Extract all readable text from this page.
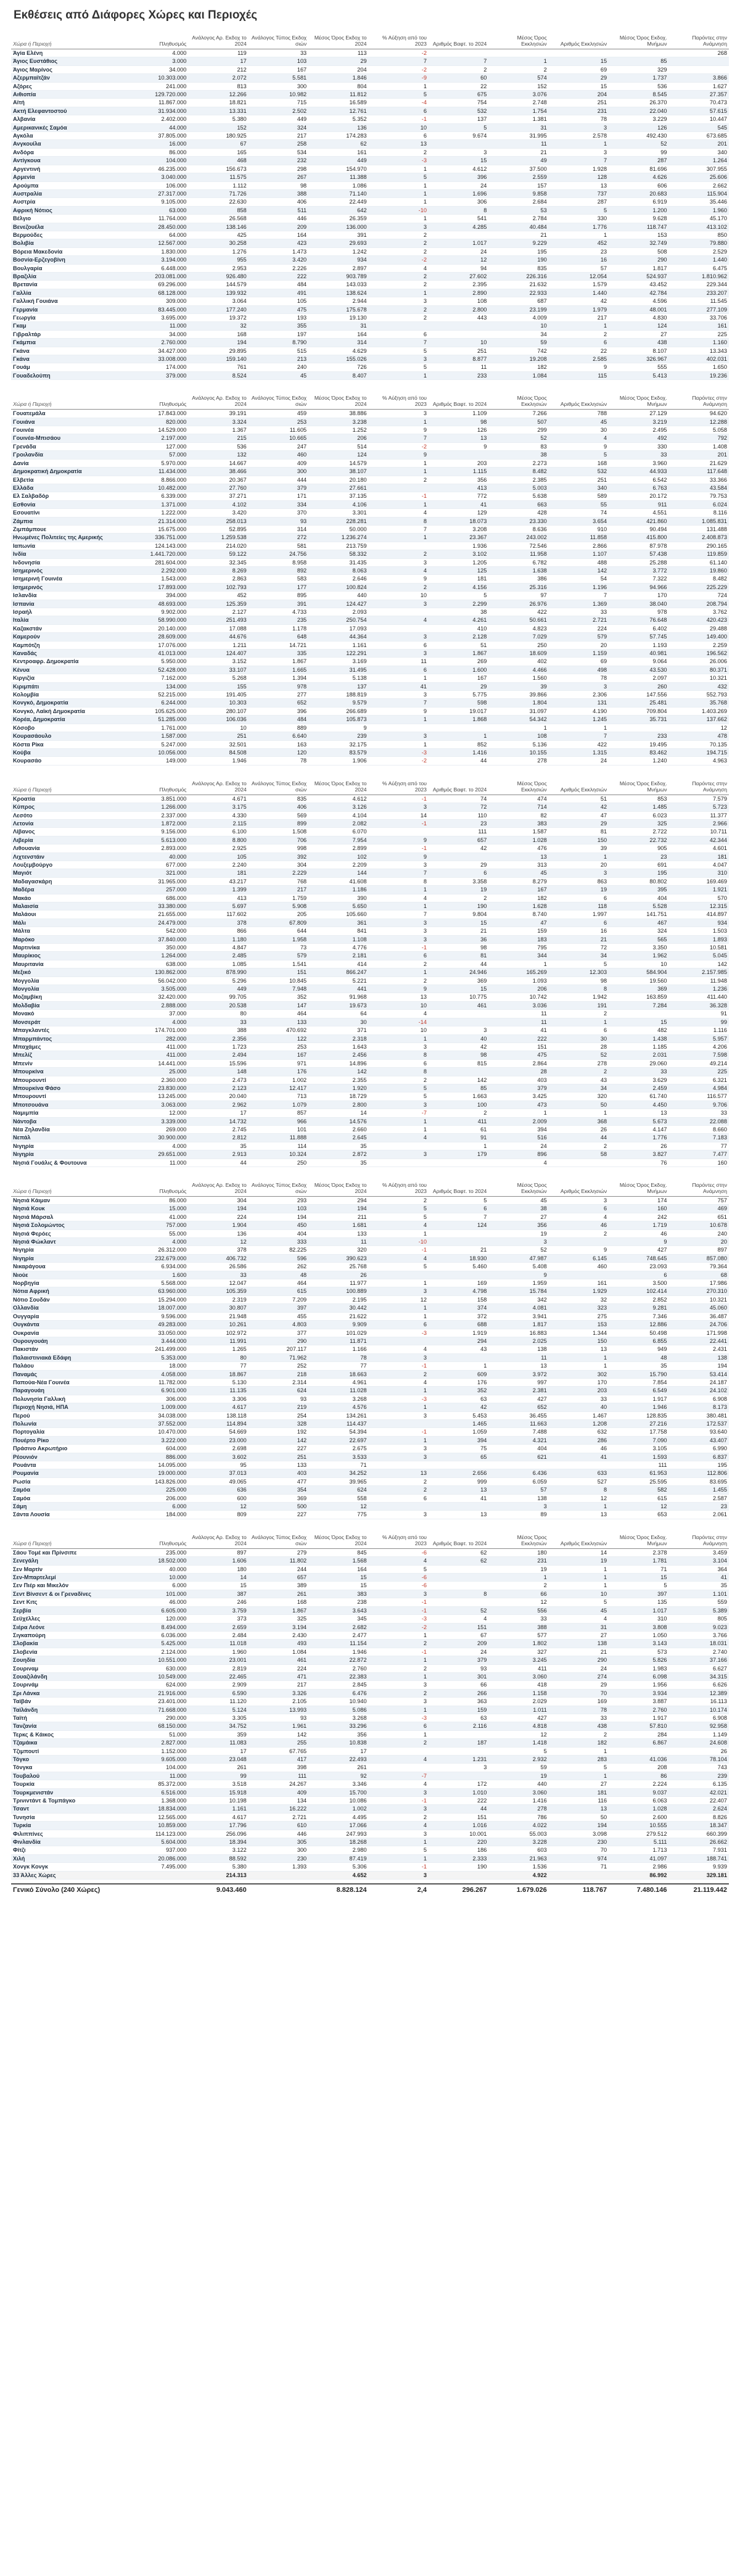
Εκθέσεις από Διάφορες Χώρες και Περιοχές
Χώρα ή Περιοχή	Πληθυσμός	Ανάλογος Αρ. Εκδοχ το 2024	Ανάλογος Τύπος Εκδοχ σιών	Μέσος Όρος Εκδοχ το 2024	% Αύξηση από του 2023	Αριθμός Βαφτ. το 2024	Μέσος Όρος Εκκλησιών	Αριθμός Εκκλησιών	Μέσος Όρος Εκδοχ. Μνήμων	Παρόντες στην Ανάμνηση
Άγία Ελένη	4.000	119	33	113	-2					268
Άγιος Ευστάθιος	3.000	17	103	29	7	7	1	15	85	
Άγιος Μαρίνος	34.000	212	167	204	-2	2	2	69	329	
Αζερμπαϊτζάν	10.303.000	2.072	5.581	1.846	-9	60	574	29	1.737	3.866
Αζόρες	241.000	813	300	804	1	22	152	15	536	1.627
Αιθιοπία	129.720.000	12.266	10.982	11.812	5	675	3.076	204	8.545	27.357
Αϊτή	11.867.000	18.821	715	16.589	-4	754	2.748	251	26.370	70.473
Ακτή Ελεφαντοστού	31.934.000	13.331	2.502	12.761	6	532	1.754	231	22.040	57.615
Αλβανία	2.402.000	5.380	449	5.352	-1	137	1.381	78	3.229	10.447
Αμερικανικές Σαμόα	44.000	152	324	136	10	5	31	3	126	545
Αγκόλα	37.805.000	180.925	217	174.283	6	9.674	31.995	2.578	492.430	673.685
Ανγκουίλα	16.000	67	258	62	13		11	1	52	201
Ανδόρα	86.000	165	534	161	2	3	21	3	99	340
Αντίγκουα	104.000	468	232	449	-3	15	49	7	287	1.264
Αργεντινή	46.235.000	156.673	298	154.970	1	4.612	37.500	1.928	81.696	307.955
Αρμενία	3.040.000	11.575	267	11.388	5	396	2.559	128	4.626	25.606
Αρούμπα	106.000	1.112	98	1.086	1	24	157	13	606	2.662
Αυστραλία	27.317.000	71.726	388	71.140	1	1.696	9.858	737	20.683	115.904
Αυστρία	9.105.000	22.630	406	22.449	1	306	2.684	287	6.919	35.446
Αφρική Νότιος	63.000	858	511	642	-10	8	53	5	1.200	1.960
Βέλγιο	11.764.000	26.568	446	26.359	1	541	2.784	330	9.628	45.170
Βενεζουέλα	28.450.000	138.146	209	136.000	3	4.285	40.484	1.776	118.747	413.102
Βερμούδες	64.000	425	164	391	2		21	1	153	850
Βολιβία	12.567.000	30.258	423	29.693	2	1.017	9.229	452	32.749	79.880
Βόρεια Μακεδονία	1.830.000	1.276	1.473	1.242	2	24	195	23	508	2.529
Βοσνία-Ερζεγοβίνη	3.194.000	955	3.420	934	-2	12	190	16	290	1.440
Βουλγαρία	6.448.000	2.953	2.226	2.897	4	94	835	57	1.817	6.475
Βραζιλία	203.081.000	926.480	222	903.789	2	27.602	226.316	12.054	524.937	1.810.962
Βρετανία	69.296.000	144.579	484	143.033	2	2.395	21.632	1.579	43.452	229.344
Γαλλία	68.128.000	139.932	491	138.624	1	2.890	22.933	1.440	42.784	233.207
Γαλλική Γουιάνα	309.000	3.064	105	2.944	3	108	687	42	4.596	11.545
Γερμανία	83.445.000	177.240	475	175.678	2	2.800	23.199	1.979	48.001	277.109
Γεωργία	3.695.000	19.372	193	19.130	2	443	4.009	217	4.830	33.706
Γκαμ	11.000	32	355	31			10	1	124	161
Γιβραλτάρ	34.000	168	197	164	6		34	2	27	225
Γκάμπια	2.760.000	194	8.790	314	7	10	59	6	438	1.160
Γκάνα	34.427.000	29.895	515	4.629	5	251	742	22	8.107	13.343
Γκάνα	33.008.000	159.140	213	155.026	3	8.877	19.208	2.585	326.967	402.031
Γουάμ	174.000	761	240	726	5	11	182	9	555	1.650
Γουαδελούπη	379.000	8.524	45	8.407	1	233	1.084	115	5.413	19.236
Χώρα ή Περιοχή	Πληθυσμός	Ανάλογος Αρ. Εκδοχ το 2024	Ανάλογος Τύπος Εκδοχ σιών	Μέσος Όρος Εκδοχ το 2024	% Αύξηση από του 2023	Αριθμός Βαφτ. το 2024	Μέσος Όρος Εκκλησιών	Αριθμός Εκκλησιών	Μέσος Όρος Εκδοχ. Μνήμων	Παρόντες στην Ανάμνηση
Γουατεμάλα	17.843.000	39.191	459	38.886	3	1.109	7.266	788	27.129	94.620
Γουιάνα	820.000	3.324	253	3.238	1	98	507	45	3.219	12.288
Γουινέα	14.529.000	1.367	11.605	1.252	9	126	299	30	2.495	5.058
Γουινέα-Μπισάου	2.197.000	215	10.665	206	7	13	52	4	492	792
Γρενάδα	127.000	536	247	514	-2	9	83	9	330	1.408
Γροιλανδία	57.000	132	460	124	9		38	5	33	201
Δανία	5.970.000	14.667	409	14.579	1	203	2.273	168	3.960	21.629
Δημοκρατική Δημοκρατία	11.434.000	38.466	300	38.107	1	1.115	8.482	532	44.933	117.648
Ελβετία	8.866.000	20.367	444	20.180	2	356	2.385	251	6.542	33.366
Ελλάδα	10.482.000	27.760	379	27.661		413	5.003	340	6.763	43.584
Ελ Σαλβαδόρ	6.339.000	37.271	171	37.135	-1	772	5.638	589	20.172	79.753
Εσθονία	1.371.000	4.102	334	4.106	1	41	663	55	911	6.024
Εσουατίνι	1.222.000	3.420	370	3.301	4	129	428	74	4.551	8.116
Ζάμπια	21.314.000	258.013	93	228.281	8	18.073	23.330	3.654	421.860	1.085.831
Ζιμπάμπουε	15.675.000	52.895	314	50.000	7	3.208	8.636	910	90.494	131.488
Ηνωμένες Πολιτείες της Αμερικής	336.751.000	1.259.538	272	1.236.274	1	23.367	243.002	11.858	415.800	2.408.873
Ιαπωνία	124.143.000	214.020	581	213.759		1.936	72.546	2.866	87.978	290.165
Ινδία	1.441.720.000	59.122	24.756	58.332	2	3.102	11.958	1.107	57.438	119.859
Ινδονησία	281.604.000	32.345	8.958	31.435	3	1.205	6.782	488	25.288	61.140
Ισημερινός	2.292.000	8.269	892	8.063	4	125	1.638	142	3.772	19.860
Ισημερινή Γουινέα	1.543.000	2.863	583	2.646	9	181	386	54	7.322	8.482
Ισημερινός	17.893.000	102.793	177	100.824	2	4.156	25.316	1.196	94.966	225.229
Ισλανδία	394.000	452	895	440	10	5	97	7	170	724
Ισπανία	48.693.000	125.359	391	124.427	3	2.299	26.976	1.369	38.040	208.794
Ισραήλ	9.902.000	2.127	4.733	2.093		38	422	33	978	3.762
Ιταλία	58.990.000	251.493	235	250.754	4	4.261	50.661	2.721	76.648	420.423
Καζακστάν	20.140.000	17.088	1.178	17.093		410	4.823	224	6.402	29.488
Καμερούν	28.609.000	44.676	648	44.364	3	2.128	7.029	579	57.745	149.400
Καμπότζη	17.076.000	1.211	14.721	1.161	6	51	250	20	1.193	2.259
Καναδάς	41.013.000	124.407	335	122.291	3	1.867	18.609	1.159	40.981	196.562
Κεντροαφρ. Δημοκρατία	5.950.000	3.152	1.867	3.169	11	269	402	69	9.064	26.006
Κένυα	52.428.000	33.107	1.665	31.495	6	1.600	4.466	498	43.530	80.371
Κιργιζία	7.162.000	5.268	1.394	5.138	1	167	1.560	78	2.097	10.321
Κιριμπάτι	134.000	155	978	137	41	29	39	3	260	432
Κολομβία	52.215.000	191.405	277	188.819	3	5.775	39.866	2.306	147.556	552.793
Κονγκό, Δημοκρατία	6.244.000	10.303	652	9.579	7	598	1.804	131	25.481	35.768
Κονγκό, Λαϊκή Δημοκρατία	105.625.000	280.107	396	266.689	9	19.017	31.097	4.190	709.804	1.403.269
Κορέα, Δημοκρατία	51.285.000	106.036	484	105.873	1	1.868	54.342	1.245	35.731	137.662
Κόσοβο	1.761.000	10	889	9			1	1		12
Κουρασάουλο	1.587.000	251	6.640	239	3	1	108	7	233	478
Κόστα Ρίκα	5.247.000	32.501	163	32.175	1	852	5.136	422	19.495	70.135
Κούβα	10.056.000	84.508	120	83.579	-3	1.416	10.155	1.315	83.462	194.715
Κουρασάο	149.000	1.946	78	1.906	-2	44	278	24	1.240	4.963
Χώρα ή Περιοχή	Πληθυσμός	Ανάλογος Αρ. Εκδοχ το 2024	Ανάλογος Τύπος Εκδοχ σιών	Μέσος Όρος Εκδοχ το 2024	% Αύξηση από του 2023	Αριθμός Βαφτ. το 2024	Μέσος Όρος Εκκλησιών	Αριθμός Εκκλησιών	Μέσος Όρος Εκδοχ. Μνήμων	Παρόντες στην Ανάμνηση
Κροατία	3.851.000	4.671	835	4.612	-1	74	474	51	853	7.579
Κύπρος	1.266.000	3.175	406	3.126	3	72	714	42	1.485	5.723
Λεσότο	2.337.000	4.330	569	4.104	14	110	82	47	6.023	11.377
Λετονία	1.872.000	2.115	899	2.082	-1	23	383	29	325	2.966
Λίβανος	9.156.000	6.100	1.508	6.070		111	1.587	81	2.722	10.711
Λιβερία	5.613.000	8.800	706	7.954	9	657	1.028	150	22.732	42.344
Λιθουανία	2.893.000	2.925	998	2.899	-1	42	476	39	905	4.601
Λιχτενστάιν	40.000	105	392	102	9		13	1	23	181
Λουξεμβούργο	677.000	2.240	304	2.209	3	29	313	20	691	4.047
Μαγιότ	321.000	181	2.229	144	7	6	45	3	195	310
Μαδαγασκάρη	31.965.000	43.217	768	41.608	8	3.358	8.279	863	80.802	169.469
Μαδέρα	257.000	1.399	217	1.186	1	19	167	19	395	1.921
Μακάο	686.000	413	1.759	390	4	2	182	6	404	570
Μαλαισία	33.380.000	5.697	5.908	5.650	1	190	1.628	118	5.528	12.315
Μαλάουι	21.655.000	117.602	205	105.660	7	9.804	8.740	1.997	141.751	414.897
Μάλι	24.479.000	378	67.809	361	3	15	47	6	467	934
Μάλτα	542.000	866	644	841	3	21	159	16	324	1.503
Μαρόκο	37.840.000	1.180	1.958	1.108	3	36	183	21	565	1.893
Μαρτινίκα	350.000	4.847	73	4.776	-1	98	795	72	3.350	10.581
Μαυρίκιος	1.264.000	2.485	579	2.181	6	81	344	34	1.962	5.045
Μαυριτανία	638.000	1.085	1.541	414	2	44	1	5	10	142
Μεξικό	130.862.000	878.990	151	866.247	1	24.946	165.269	12.303	584.904	2.157.985
Μογγολία	56.042.000	5.296	10.845	5.221	2	369	1.093	98	19.560	11.948
Μονγολία	3.505.000	449	7.948	441	9	15	206	8	369	1.236
Μοζαμβίκη	32.420.000	99.705	352	91.968	13	10.775	10.742	1.942	163.859	411.440
Μολδαβία	2.888.000	20.538	147	19.673	10	461	3.036	191	7.284	36.328
Μονακό	37.000	80	464	64	4		11	2		91
Μονσεράτ	4.000	33	133	30	-14		11	1	15	99
Μπαγκλαντές	174.701.000	388	470.692	371	10	3	41	6	482	1.116
Μπαρμπάντος	282.000	2.356	122	2.318	1	40	222	30	1.438	5.957
Μπαχάμες	411.000	1.723	253	1.643	3	42	151	28	1.185	4.206
Μπελίζ	411.000	2.494	167	2.456	8	98	475	52	2.031	7.598
Μπενίν	14.441.000	15.596	971	14.896	6	815	2.864	278	29.060	49.214
Μπουρκίνα	25.000	148	176	142	8		28	2	33	225
Μπουρουντί	2.360.000	2.473	1.002	2.355	2	142	403	43	3.629	6.321
Μπουρκίνα Φάσο	23.830.000	2.123	12.417	1.920	5	85	379	34	2.459	4.984
Μπουρουντί	13.245.000	20.040	713	18.729	5	1.663	3.425	320	61.740	116.577
Μποτσουάνα	3.063.000	2.962	1.079	2.800	3	100	473	50	4.450	9.706
Ναμιμπία	12.000	17	857	14	-7	2	1	1	13	33
Νάντοβα	3.339.000	14.732	966	14.576	1	411	2.009	368	5.673	22.088
Νέα Ζηλανδία	269.000	2.745	101	2.660	1	61	394	26	4.147	8.660
Νεπάλ	30.900.000	2.812	11.888	2.645	4	91	516	44	1.776	7.183
Νιγηρία	4.000	35	114	35		1	24	2	26	77
Νιγηρία	29.651.000	2.913	10.324	2.872	3	179	896	58	3.827	7.477
Νησιά Γουάλις & Φουτουνα	11.000	44	250	35			4		76	160
Χώρα ή Περιοχή	Πληθυσμός	Ανάλογος Αρ. Εκδοχ το 2024	Ανάλογος Τύπος Εκδοχ σιών	Μέσος Όρος Εκδοχ το 2024	% Αύξηση από του 2023	Αριθμός Βαφτ. το 2024	Μέσος Όρος Εκκλησιών	Αριθμός Εκκλησιών	Μέσος Όρος Εκδοχ. Μνήμων	Παρόντες στην Ανάμνηση
Νησιά Κάιμαν	86.000	304	293	294	2	5	45	3	174	757
Νησιά Κουκ	15.000	194	103	194	5	6	38	6	160	469
Νησιά Μάρσαλ	41.000	224	194	211	5	7	27	4	242	651
Νησιά Σολομώντος	757.000	1.904	450	1.681	4	124	356	46	1.719	10.678
Νησιά Φερόες	55.000	136	404	133	1		19	2	46	240
Νησιά Φώκλαντ	4.000	12	333	11	-10		3		9	20
Νιγηρία	26.312.000	378	82.225	320	-1	21	52	9	427	897
Νιγηρία	232.679.000	406.732	596	390.623	4	18.930	47.987	6.145	748.645	857.080
Νικαράγουα	6.934.000	26.586	262	25.768	5	5.460	5.408	460	23.093	79.364
Νιούε	1.600	33	48	26			9		6	68
Νορβηγία	5.568.000	12.047	464	11.977	1	169	1.959	161	3.500	17.986
Νότια Αφρική	63.960.000	105.359	615	100.889	3	4.798	15.784	1.929	102.414	270.310
Νότιο Σουδάν	15.294.000	2.319	7.209	2.195	12	158	342	32	2.852	10.321
Ολλανδία	18.007.000	30.807	397	30.442	1	374	4.081	323	9.281	45.060
Ουγγαρία	9.596.000	21.948	455	21.622	1	372	3.941	275	7.346	36.487
Ουγκάντα	49.283.000	10.261	4.803	9.909	6	688	1.817	153	12.886	24.706
Ουκρανία	33.050.000	102.972	377	101.029	-3	1.919	16.883	1.344	50.498	171.998
Ουρουγουάη	3.444.000	11.991	290	11.871		294	2.025	150	6.855	22.441
Πακιστάν	241.499.000	1.265	207.117	1.166	4	43	138	13	949	2.431
Παλαιστινιακά Εδάφη	5.353.000	80	71.962	78	3		11	1	48	138
Παλάου	18.000	77	252	77	-1	1	13	1	35	194
Παναμάς	4.058.000	18.867	218	18.663	2	609	3.972	302	15.790	53.414
Παπούα-Νέα Γουινέα	11.782.000	5.130	2.314	4.961	4	176	997	170	7.854	24.187
Παραγουάη	6.901.000	11.135	624	11.028	1	352	2.381	203	6.549	24.102
Πολυνησία Γαλλική	306.000	3.306	93	3.268	-3	63	427	33	1.917	6.908
Περιοχή Νησιά, ΗΠΑ	1.009.000	4.617	219	4.576	1	42	652	40	1.946	8.173
Περού	34.038.000	138.118	254	134.261	3	5.453	36.455	1.467	128.835	380.481
Πολωνία	37.552.000	114.894	328	114.437		1.465	11.663	1.208	27.216	172.537
Πορτογαλία	10.470.000	54.669	192	54.394	-1	1.059	7.488	632	17.758	93.640
Πουέρτο Ρίκο	3.222.000	23.000	142	22.697	1	394	4.321	286	7.090	43.407
Πράσινο Ακρωτήριο	604.000	2.698	227	2.675	3	75	404	46	3.105	6.990
Ρέουνιόν	886.000	3.602	251	3.533	3	65	621	41	1.593	6.837
Ρουάντα	14.095.000	95	133	71					111	195
Ρουμανία	19.000.000	37.013	403	34.252	13	2.656	6.436	633	61.953	112.806
Ρωσία	143.826.000	49.065	477	39.965	2	999	6.059	527	25.595	83.695
Σαμόα	225.000	636	354	624	2	13	57	8	582	1.455
Σαμόα	206.000	600	369	558	6	41	138	12	615	2.587
Σάμη	6.000	12	500	12			3	1	12	23
Σάντα Λουσία	184.000	809	227	775	3	13	89	13	653	2.061
Χώρα ή Περιοχή	Πληθυσμός	Ανάλογος Αρ. Εκδοχ το 2024	Ανάλογος Τύπος Εκδοχ σιών	Μέσος Όρος Εκδοχ το 2024	% Αύξηση από του 2023	Αριθμός Βαφτ. το 2024	Μέσος Όρος Εκκλησιών	Αριθμός Εκκλησιών	Μέσος Όρος Εκδοχ. Μνήμων	Παρόντες στην Ανάμνηση
Σάου Τομέ και Πρίνσιπε	235.000	897	279	845	-6	62	180	14	2.378	3.459
Σενεγάλη	18.502.000	1.606	11.802	1.568	4	62	231	19	1.781	3.104
Σεν Μαρτίν	40.000	180	244	164	5		19	1	71	364
Σεν-Μπαρτελεμί	10.000	14	657	15	-6		1	1	15	41
Σεν Πιέρ και Μικελόν	6.000	15	389	15	-6		2	1	5	35
Σεντ Βίνσεντ & οι Γρεναδίνες	101.000	387	261	383	3	8	66	10	397	1.101
Σεντ Κιτς	46.000	246	168	238	-1		12	5	135	559
Σερβία	6.605.000	3.759	1.867	3.643	-1	52	556	45	1.017	5.389
Σεϋχέλλες	120.000	373	325	345	-3	4	33	4	310	805
Σιέρα Λεόνε	8.494.000	2.659	3.194	2.682	-2	151	388	31	3.808	9.023
Σιγκαπούρη	6.036.000	2.484	2.430	2.477	1	67	577	27	1.050	3.766
Σλοβακία	5.425.000	11.018	493	11.154	2	209	1.802	138	3.143	18.031
Σλοβενία	2.124.000	1.960	1.084	1.946	-1	24	327	21	573	2.740
Σουηδία	10.551.000	23.001	461	22.872	1	379	3.245	290	5.826	37.166
Σουριναμ	630.000	2.819	224	2.760	2	93	411	24	1.983	6.627
Σουαζιλάνδη	10.549.000	22.465	471	22.383	1	301	3.060	274	6.098	34.315
Σουρινάμ	624.000	2.909	217	2.845	3	66	418	29	1.956	6.626
Σρι Λάνκα	21.916.000	6.590	3.326	6.476	2	266	1.158	70	3.934	12.389
Ταϊβάν	23.401.000	11.120	2.105	10.940	3	363	2.029	169	3.887	16.113
Ταϊλάνδη	71.668.000	5.124	13.993	5.086	1	159	1.011	78	2.760	10.174
Ταϊτή	290.000	3.305	93	3.268	-3	63	427	33	1.917	6.908
Τανζανία	68.150.000	34.752	1.961	33.296	6	2.116	4.818	438	57.810	92.958
Τερκς & Κάικος	51.000	359	142	356	1		12	2	284	1.149
Τζαμάικα	2.827.000	11.083	255	10.838	2	187	1.418	182	6.867	24.608
Τζιμπουτί	1.152.000	17	67.765	17			5	1		26
Τόγκο	9.605.000	23.048	417	22.493	4	1.231	2.932	283	41.036	78.104
Τόνγκα	104.000	261	398	261		3	59	5	208	743
Τουβαλού	11.000	99	111	92	-7		19	1	86	239
Τουρκία	85.372.000	3.518	24.267	3.346	4	172	440	27	2.224	6.135
Τουρκμενιστάν	6.516.000	15.918	409	15.700	3	1.010	3.060	181	9.037	42.021
Τρινιντάντ & Τομπάγκο	1.368.000	10.198	134	10.086	-1	222	1.416	116	6.063	22.407
Τσαντ	18.834.000	1.161	16.222	1.002	3	44	278	13	1.028	2.624
Τυνησία	12.565.000	4.617	2.721	4.495	2	151	786	50	2.600	8.826
Τυρκία	10.859.000	17.796	610	17.066	4	1.016	4.022	194	10.555	18.347
Φιλιππίνες	114.123.000	256.096	446	247.993	3	10.001	55.003	3.098	279.512	660.399
Φινλανδία	5.604.000	18.394	305	18.268	1	220	3.228	230	5.111	26.662
Φίτζι	937.000	3.122	300	2.980	5	186	603	70	1.713	7.931
Χιλή	20.086.000	88.592	230	87.419	1	2.333	21.963	974	41.097	188.741
Χονγκ Κονγκ	7.495.000	5.380	1.393	5.306	-1	190	1.536	71	2.986	9.939
33 Άλλες Χώρες		214.313		4.652	3		4.922		86.992	329.181
Γενικό Σύνολο (240 Χώρες)		9.043.460		8.828.124	2,4	296.267	1.679.026	118.767	7.480.146	21.119.442
